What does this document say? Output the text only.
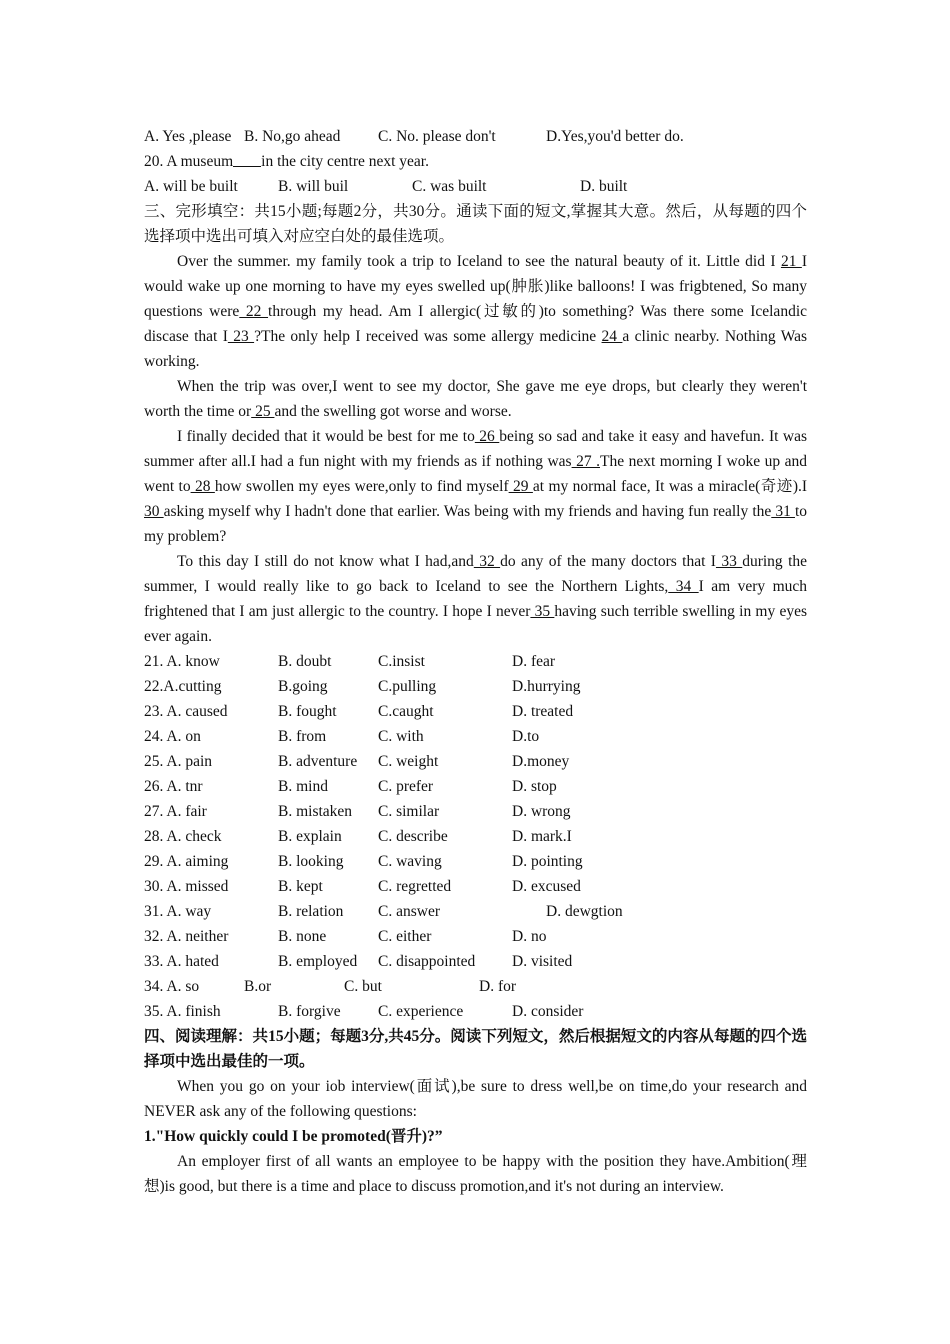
A. Yes ,please B. No,go ahead C. No. please don't	D.Yes,you'd better do.
20. A museum in the city centre next year.
A. will be built	B. will buil	C. was built	D. built

三、完形填空：共15小题;每题2分，共30分。通读下面的短文,掌握其大意。然后，从每题的四个选择项中选出可填入对应空白处的最佳选项。

Over the summer. my family took a trip to Iceland to see the natural beauty of it. Little did I 21 I would wake up one morning to have my eyes swelled up(肿胀)like balloons! I was frigbtened, So many questions were 22 through my head. Am I allergic(过敏的)to something? Was there some Icelandic discase that I 23 ?The only help I received was some allergy medicine 24 a clinic nearby. Nothing Was working.

When the trip was over,I went to see my doctor, She gave me eye drops, but clearly they weren't worth the time or 25 and the swelling got worse and worse.

I finally decided that it would be best for me to 26 being so sad and take it easy and havefun. It was summer after all.I had a fun night with my friends as if nothing was 27 .The next morning I woke up and went to 28 how swollen my eyes were,only to find myself 29 at my normal face, It was a miracle(奇迹).I 30 asking myself why I hadn't done that earlier. Was being with my friends and having fun really the 31 to my problem?

To this day I still do not know what I had,and 32 do any of the many doctors that I 33 during the summer, I would really like to go back to Iceland to see the Northern Lights, 34 I am very much frightened that I am just allergic to the country. I hope I never 35 having such terrible swelling in my eyes ever again.

21. A. know	B. doubt	C.insist	D. fear
22.A.cutting	B.going	C.pulling	D.hurrying
23. A. caused	B. fought	C.caught	D. treated
24. A. on	B. from	C. with	D.to
25. A. pain	B. adventure C. weight	D.money
26. A. tnr	B. mind	C. prefer	D. stop
27. A. fair	B. mistaken C. similar	D. wrong
28. A. check	B. explain C. describe	D. mark.I
29. A. aiming	B. looking C. waving	D. pointing
30. A. missed	B. kept	C. regretted	D. excused
31. A. way	B. relation C. answer	D. dewgtion
32. A. neither	B. none	C. either	D. no
33. A. hated	B. employed C. disappointed D. visited
34. A. so	B.or	C. but	D. for
35. A. finish	B. forgive C. experience	D. consider

四、阅读理解：共15小题；每题3分,共45分。阅读下列短文，然后根据短文的内容从每题的四个选择项中选出最佳的一项。

When you go on your iob interview(面试),be sure to dress well,be on time,do your research and NEVER ask any of the following questions:

1."How quickly could I be promoted(晋升)?”

An employer first of all wants an employee to be happy with the position they have.Ambition(理想)is good, but there is a time and place to discuss promotion,and it's not during an interview.
